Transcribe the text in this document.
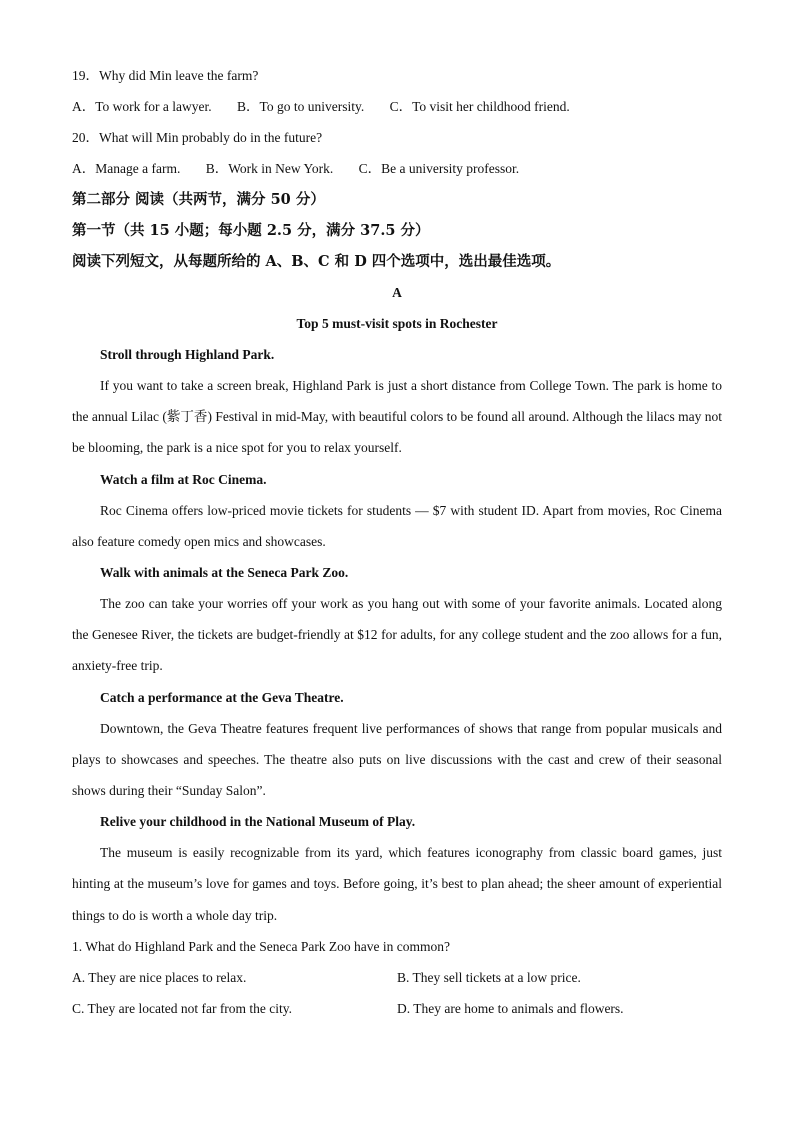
19．Why did Min leave the farm?
A．To work for a lawyer. B．To go to university. C．To visit her childhood friend.
20．What will Min probably do in the future?
A．Manage a farm. B．Work in New York. C．Be a university professor.
第二部分 阅读（共两节，满分 50 分）
第一节（共 15 小题；每小题 2.5 分，满分 37.5 分）
阅读下列短文，从每题所给的 A、B、C 和 D 四个选项中，选出最佳选项。
A
Top 5 must-visit spots in Rochester
Stroll through Highland Park.
If you want to take a screen break, Highland Park is just a short distance from College Town. The park is home to the annual Lilac (紫丁香) Festival in mid-May, with beautiful colors to be found all around. Although the lilacs may not be blooming, the park is a nice spot for you to relax yourself.
Watch a film at Roc Cinema.
Roc Cinema offers low-priced movie tickets for students — $7 with student ID. Apart from movies, Roc Cinema also feature comedy open mics and showcases.
Walk with animals at the Seneca Park Zoo.
The zoo can take your worries off your work as you hang out with some of your favorite animals. Located along the Genesee River, the tickets are budget-friendly at $12 for adults, for any college student and the zoo allows for a fun, anxiety-free trip.
Catch a performance at the Geva Theatre.
Downtown, the Geva Theatre features frequent live performances of shows that range from popular musicals and plays to showcases and speeches. The theatre also puts on live discussions with the cast and crew of their seasonal shows during their “Sunday Salon”.
Relive your childhood in the National Museum of Play.
The museum is easily recognizable from its yard, which features iconography from classic board games, just hinting at the museum’s love for games and toys. Before going, it’s best to plan ahead; the sheer amount of experiential things to do is worth a whole day trip.
1. What do Highland Park and the Seneca Park Zoo have in common?
A. They are nice places to relax.	B. They sell tickets at a low price.
C. They are located not far from the city.	D. They are home to animals and flowers.
